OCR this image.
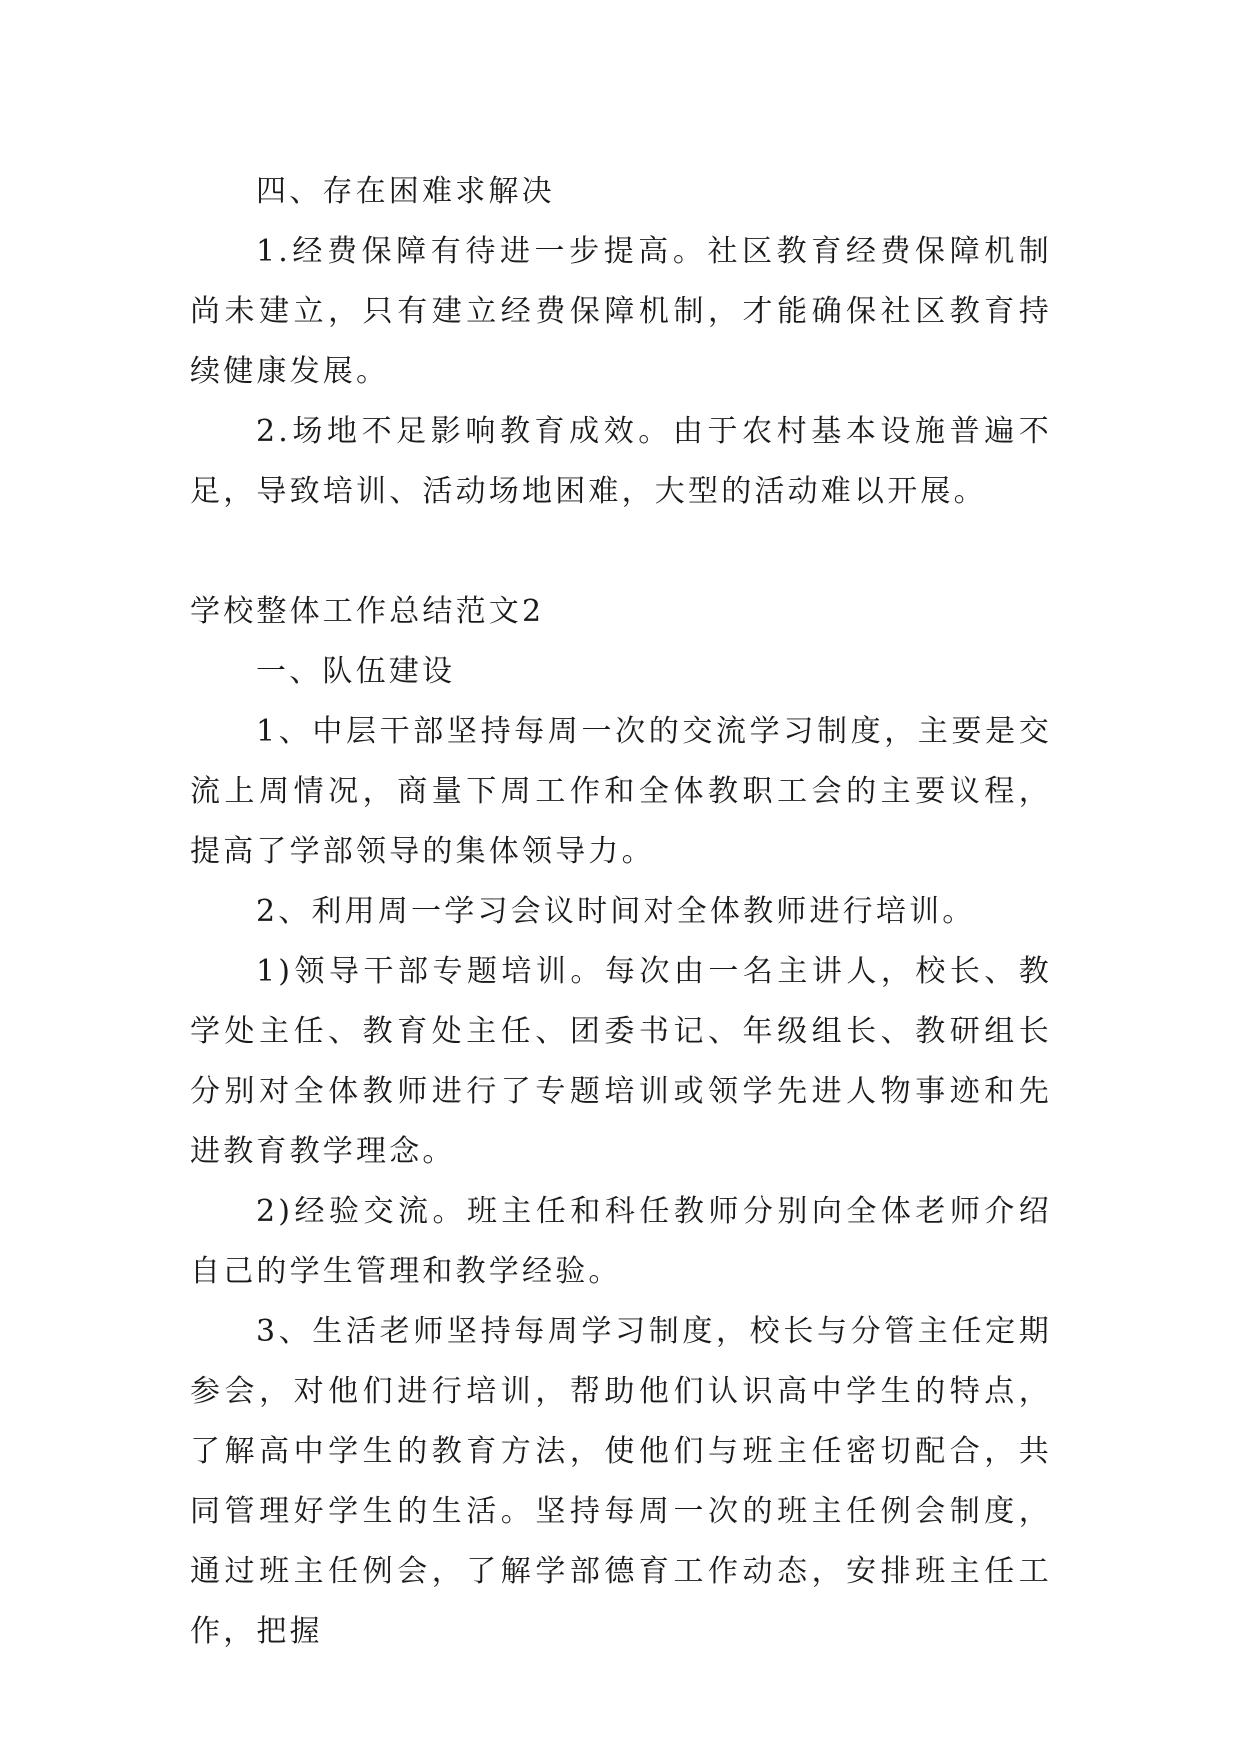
四、存在困难求解决

1.经费保障有待进一步提高。社区教育经费保障机制尚未建立，只有建立经费保障机制，才能确保社区教育持续健康发展。

2.场地不足影响教育成效。由于农村基本设施普遍不足，导致培训、活动场地困难，大型的活动难以开展。

学校整体工作总结范文2

一、队伍建设

1、中层干部坚持每周一次的交流学习制度，主要是交流上周情况，商量下周工作和全体教职工会的主要议程，提高了学部领导的集体领导力。

2、利用周一学习会议时间对全体教师进行培训。

1)领导干部专题培训。每次由一名主讲人，校长、教学处主任、教育处主任、团委书记、年级组长、教研组长分别对全体教师进行了专题培训或领学先进人物事迹和先进教育教学理念。

2)经验交流。班主任和科任教师分别向全体老师介绍自己的学生管理和教学经验。

3、生活老师坚持每周学习制度，校长与分管主任定期参会，对他们进行培训，帮助他们认识高中学生的特点，了解高中学生的教育方法，使他们与班主任密切配合，共同管理好学生的生活。坚持每周一次的班主任例会制度，通过班主任例会，了解学部德育工作动态，安排班主任工作，把握
